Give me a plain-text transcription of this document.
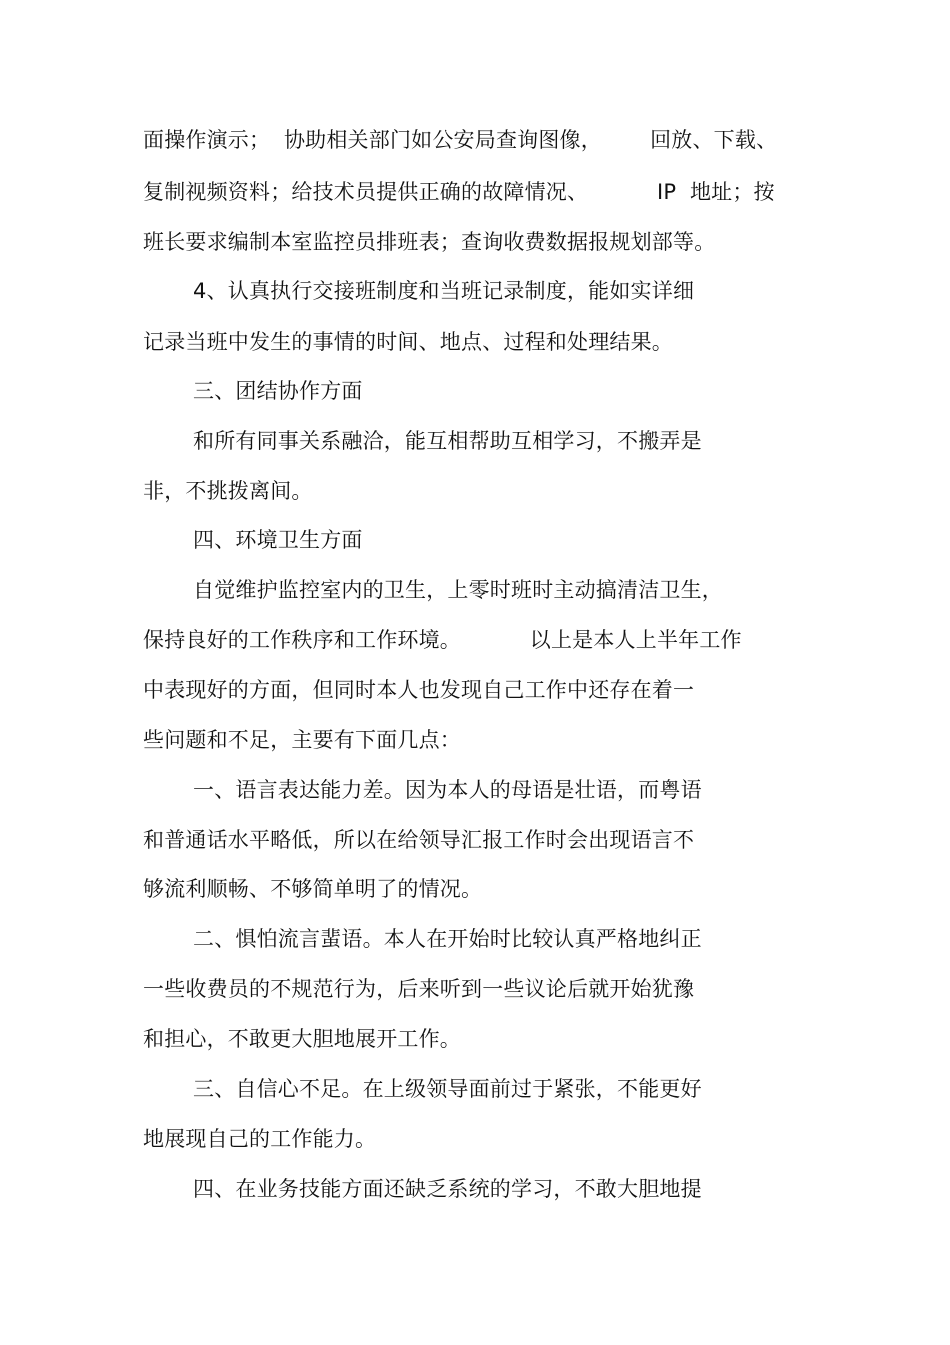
面操作演示；  协助相关部门如公安局查询图像，       回放、下载、
复制视频资料；给技术员提供正确的故障情况、          IP  地址；按
班长要求编制本室监控员排班表；查询收费数据报规划部等。
4、认真执行交接班制度和当班记录制度，能如实详细
记录当班中发生的事情的时间、地点、过程和处理结果。
三、团结协作方面
和所有同事关系融洽，能互相帮助互相学习，不搬弄是
非，不挑拨离间。
四、环境卫生方面
自觉维护监控室内的卫生，上零时班时主动搞清洁卫生，
保持良好的工作秩序和工作环境。          以上是本人上半年工作
中表现好的方面，但同时本人也发现自己工作中还存在着一
些问题和不足，主要有下面几点：
一、语言表达能力差。因为本人的母语是壮语，而粤语
和普通话水平略低，所以在给领导汇报工作时会出现语言不
够流利顺畅、不够简单明了的情况。
二、惧怕流言蜚语。本人在开始时比较认真严格地纠正
一些收费员的不规范行为，后来听到一些议论后就开始犹豫
和担心，不敢更大胆地展开工作。
三、自信心不足。在上级领导面前过于紧张，不能更好
地展现自己的工作能力。
四、在业务技能方面还缺乏系统的学习，不敢大胆地提
